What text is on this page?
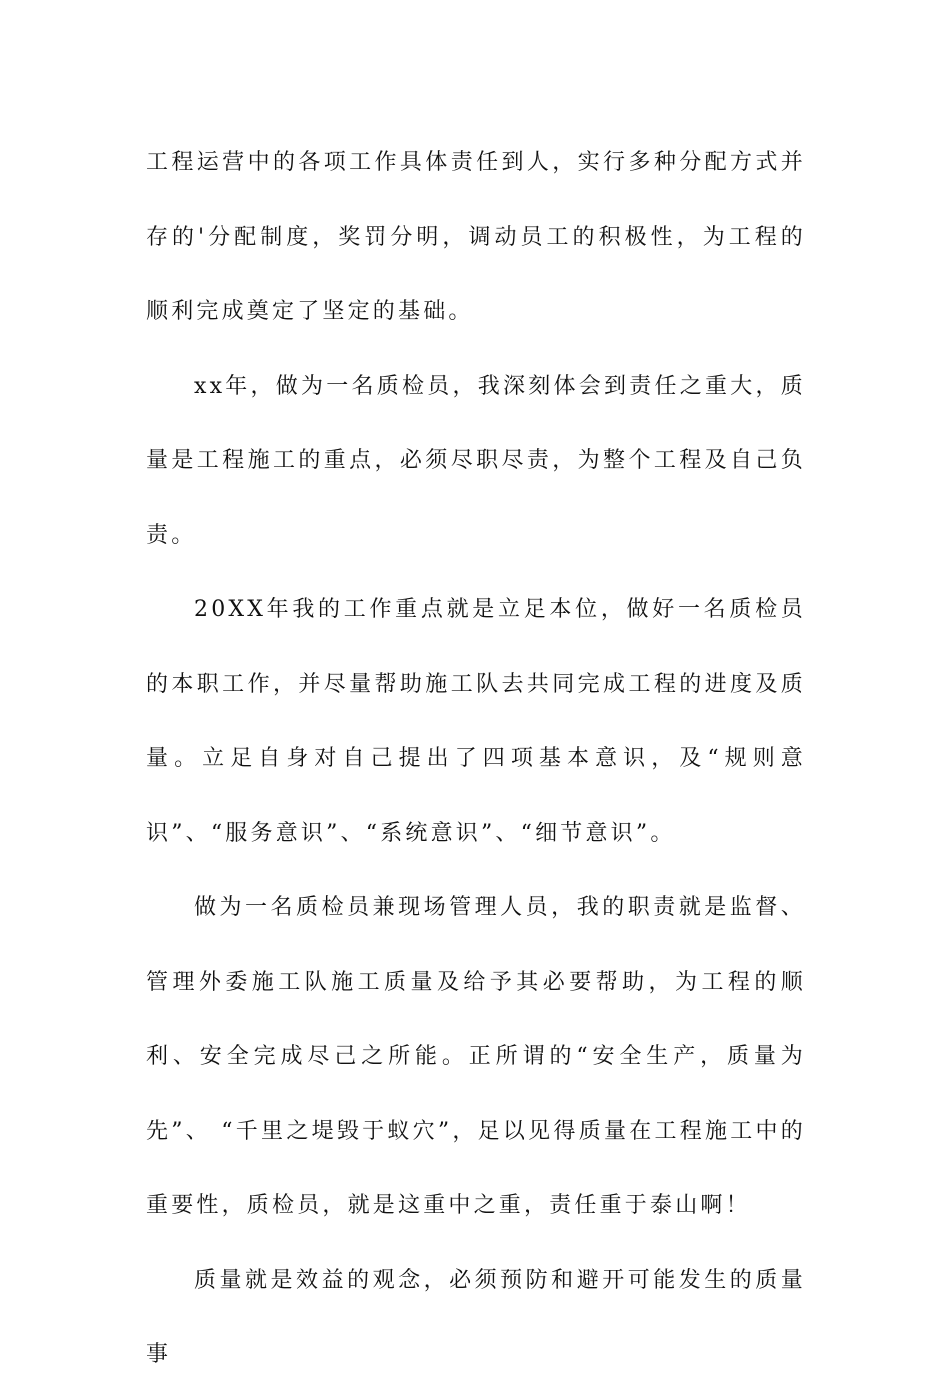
工程运营中的各项工作具体责任到人，实行多种分配方式并存的'分配制度，奖罚分明，调动员工的积极性，为工程的顺利完成奠定了坚定的基础。

xx年，做为一名质检员，我深刻体会到责任之重大，质量是工程施工的重点，必须尽职尽责，为整个工程及自己负责。

20XX年我的工作重点就是立足本位，做好一名质检员的本职工作，并尽量帮助施工队去共同完成工程的进度及质量。立足自身对自己提出了四项基本意识，及“规则意识”、“服务意识”、“系统意识”、“细节意识”。

做为一名质检员兼现场管理人员，我的职责就是监督、管理外委施工队施工质量及给予其必要帮助，为工程的顺利、安全完成尽己之所能。正所谓的“安全生产，质量为先”、 “千里之堤毁于蚁穴”，足以见得质量在工程施工中的重要性，质检员，就是这重中之重，责任重于泰山啊！

质量就是效益的观念，必须预防和避开可能发生的质量事
